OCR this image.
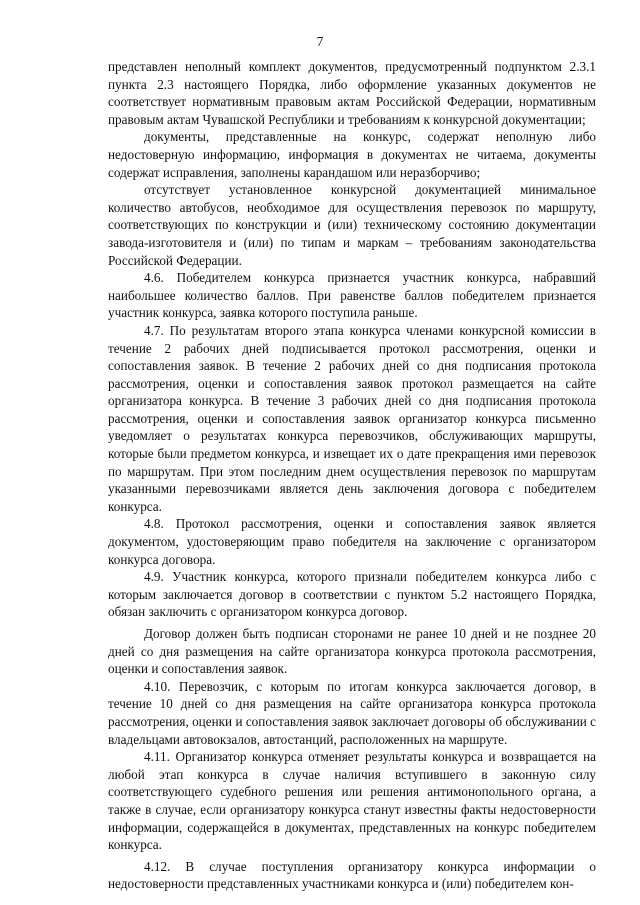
7

представлен неполный комплект документов, предусмотренный подпунктом 2.3.1 пункта 2.3 настоящего Порядка, либо оформление указанных документов не соответствует нормативным правовым актам Российской Федерации, нормативным правовым актам Чувашской Республики и требованиям к конкурсной документации;

документы, представленные на конкурс, содержат неполную либо недостоверную информацию, информация в документах не читаема, документы содержат исправления, заполнены карандашом или неразборчиво;

отсутствует установленное конкурсной документацией минимальное количество автобусов, необходимое для осуществления перевозок по маршруту, соответствующих по конструкции и (или) техническому состоянию документации завода-изготовителя и (или) по типам и маркам – требованиям законодательства Российской Федерации.

4.6. Победителем конкурса признается участник конкурса, набравший наибольшее количество баллов. При равенстве баллов победителем признается участник конкурса, заявка которого поступила раньше.

4.7. По результатам второго этапа конкурса членами конкурсной комиссии в течение 2 рабочих дней подписывается протокол рассмотрения, оценки и сопоставления заявок. В течение 2 рабочих дней со дня подписания протокола рассмотрения, оценки и сопоставления заявок протокол размещается на сайте организатора конкурса. В течение 3 рабочих дней со дня подписания протокола рассмотрения, оценки и сопоставления заявок организатор конкурса письменно уведомляет о результатах конкурса перевозчиков, обслуживающих маршруты, которые были предметом конкурса, и извещает их о дате прекращения ими перевозок по маршрутам. При этом последним днем осуществления перевозок по маршрутам указанными перевозчиками является день заключения договора с победителем конкурса.

4.8. Протокол рассмотрения, оценки и сопоставления заявок является документом, удостоверяющим право победителя на заключение с организатором конкурса договора.

4.9. Участник конкурса, которого признали победителем конкурса либо с которым заключается договор в соответствии с пунктом 5.2 настоящего Порядка, обязан заключить с организатором конкурса договор.

Договор должен быть подписан сторонами не ранее 10 дней и не позднее 20 дней со дня размещения на сайте организатора конкурса протокола рассмотрения, оценки и сопоставления заявок.

4.10. Перевозчик, с которым по итогам конкурса заключается договор, в течение 10 дней со дня размещения на сайте организатора конкурса протокола рассмотрения, оценки и сопоставления заявок заключает договоры об обслуживании с владельцами автовокзалов, автостанций, расположенных на маршруте.

4.11. Организатор конкурса отменяет результаты конкурса и возвращается на любой этап конкурса в случае наличия вступившего в законную силу соответствующего судебного решения или решения антимонопольного органа, а также в случае, если организатору конкурса станут известны факты недостоверности информации, содержащейся в документах, представленных на конкурс победителем конкурса.

4.12. В случае поступления организатору конкурса информации о недостоверности представленных участниками конкурса и (или) победителем кон-
